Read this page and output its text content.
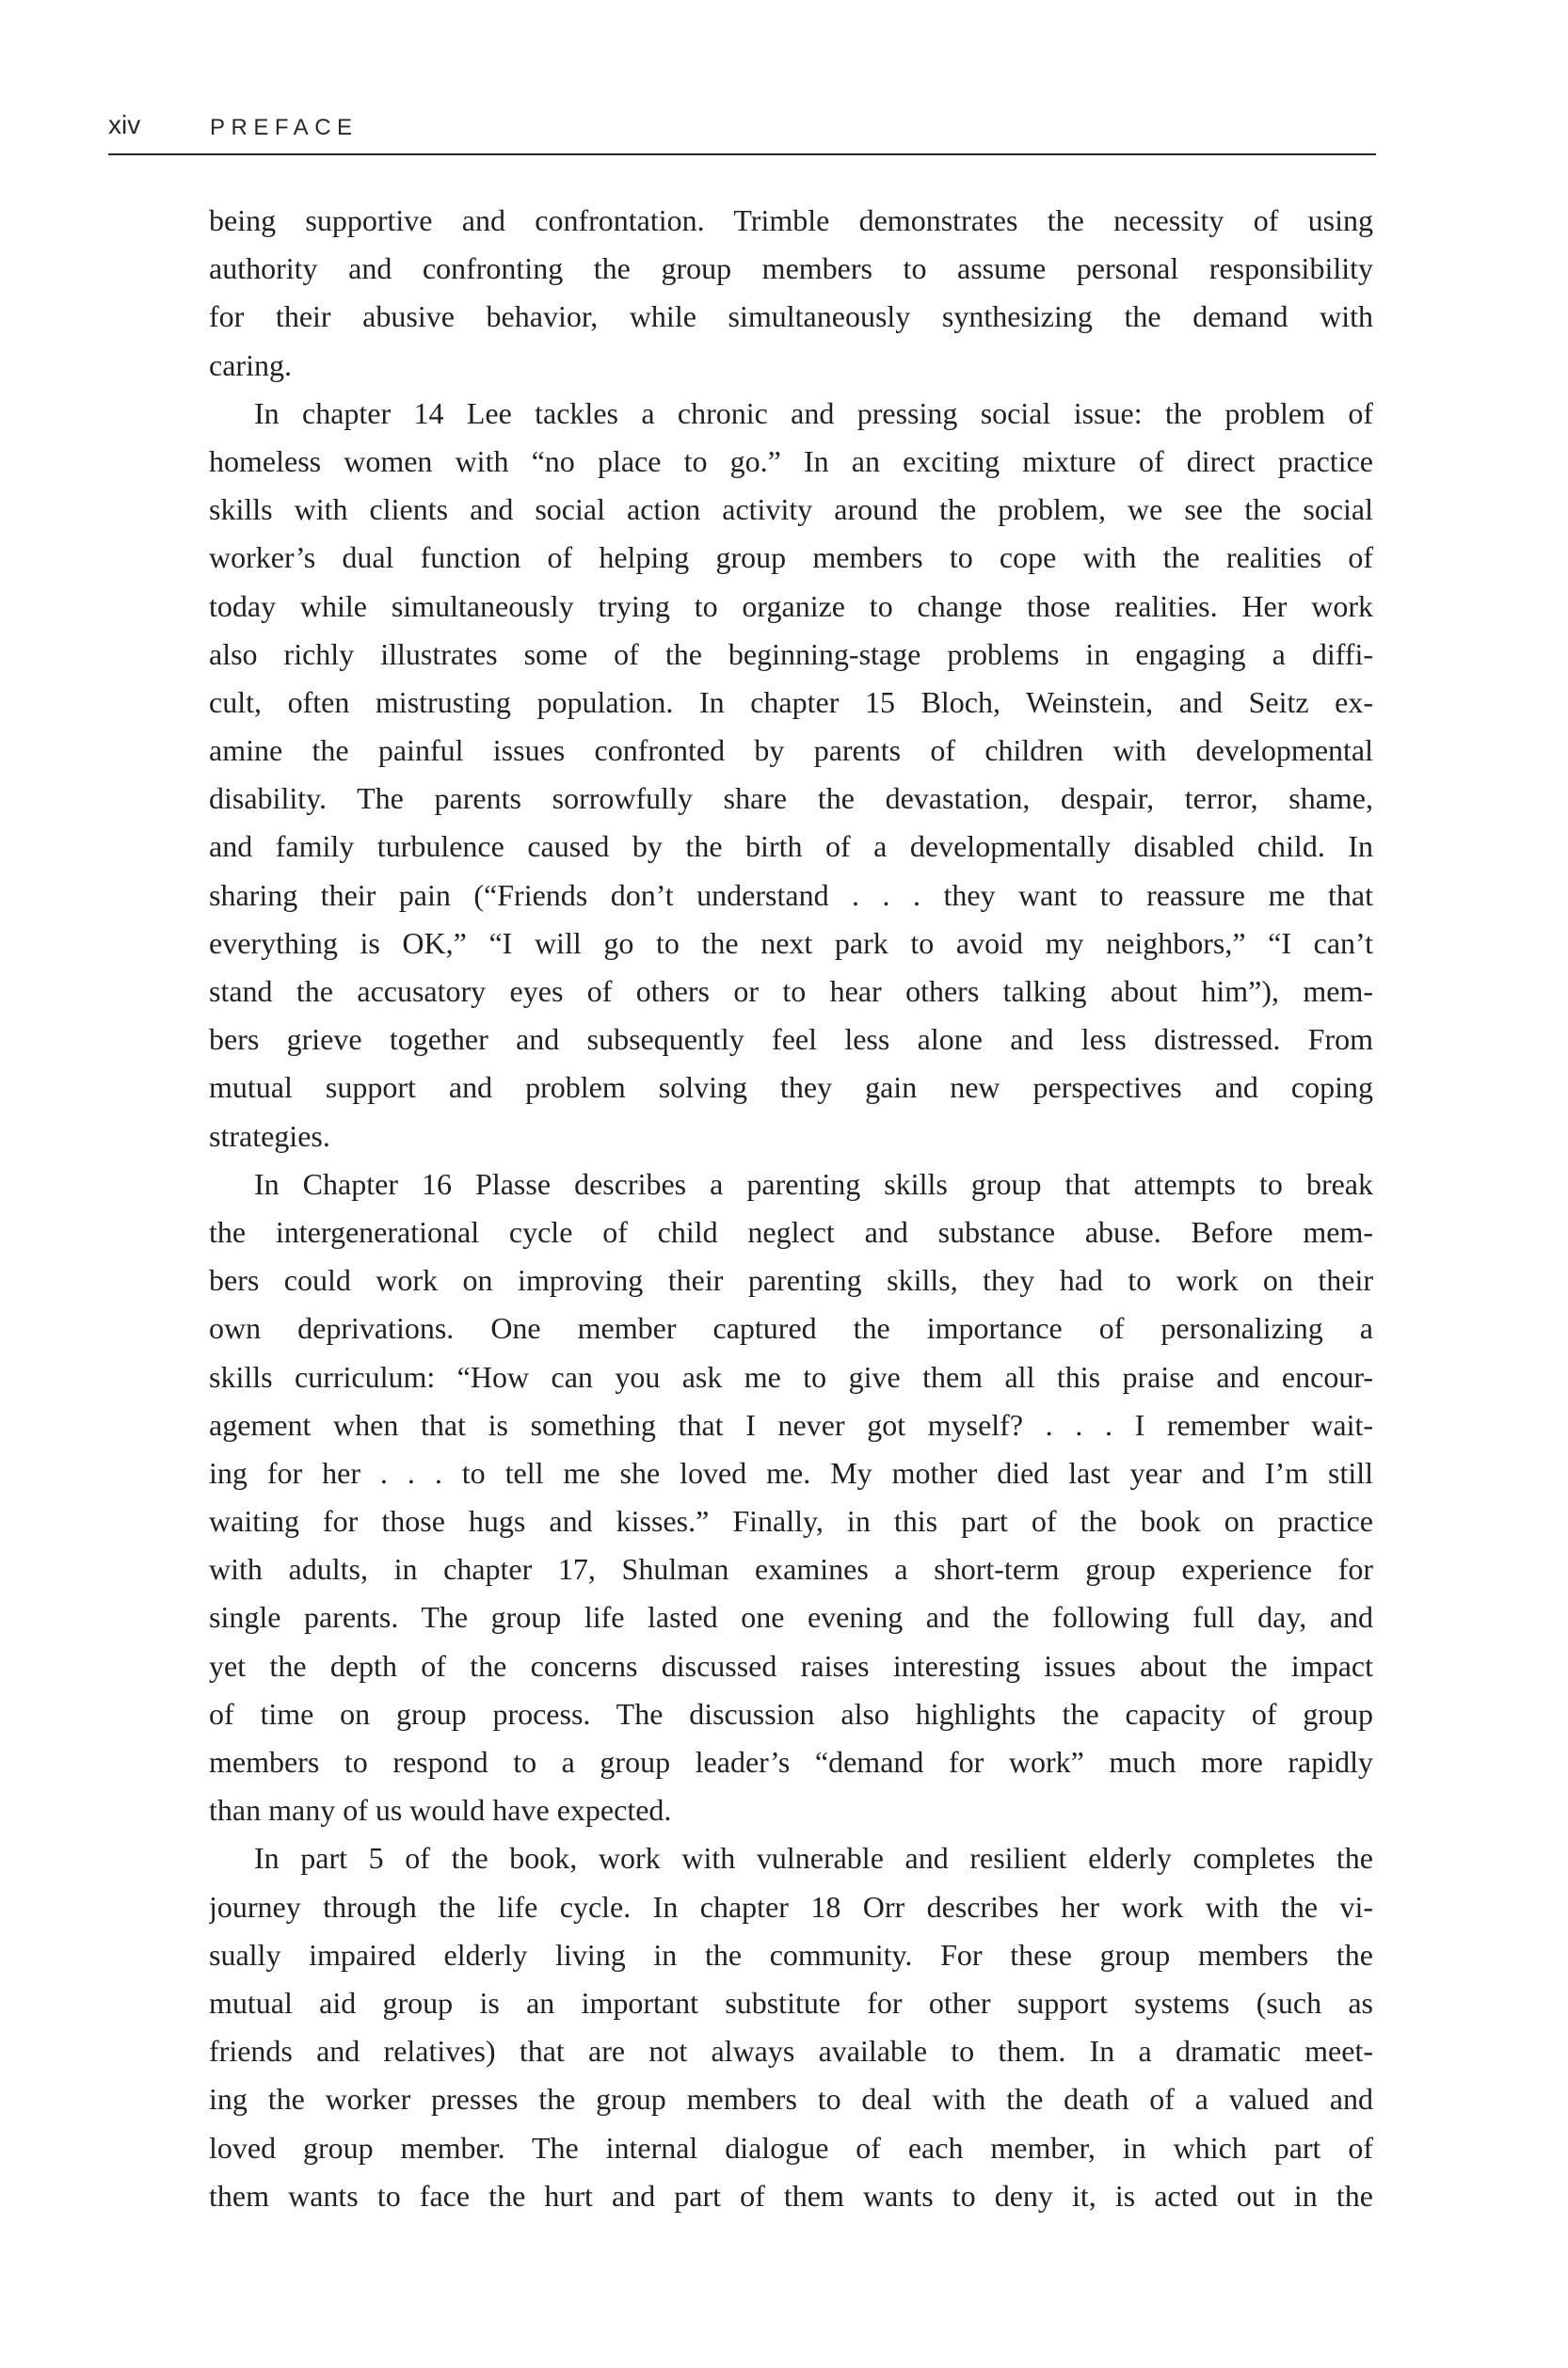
xiv	PREFACE
being supportive and confrontation. Trimble demonstrates the necessity of using
authority and confronting the group members to assume personal responsibility
for their abusive behavior, while simultaneously synthesizing the demand with
caring.
In chapter 14 Lee tackles a chronic and pressing social issue: the problem of
homeless women with “no place to go.” In an exciting mixture of direct practice
skills with clients and social action activity around the problem, we see the social
worker’s dual function of helping group members to cope with the realities of
today while simultaneously trying to organize to change those realities. Her work
also richly illustrates some of the beginning-stage problems in engaging a diffi-
cult, often mistrusting population. In chapter 15 Bloch, Weinstein, and Seitz ex-
amine the painful issues confronted by parents of children with developmental
disability. The parents sorrowfully share the devastation, despair, terror, shame,
and family turbulence caused by the birth of a developmentally disabled child. In
sharing their pain (“Friends don’t understand . . . they want to reassure me that
everything is OK,” “I will go to the next park to avoid my neighbors,” “I can’t
stand the accusatory eyes of others or to hear others talking about him”), mem-
bers grieve together and subsequently feel less alone and less distressed. From
mutual support and problem solving they gain new perspectives and coping
strategies.
In Chapter 16 Plasse describes a parenting skills group that attempts to break
the intergenerational cycle of child neglect and substance abuse. Before mem-
bers could work on improving their parenting skills, they had to work on their
own deprivations. One member captured the importance of personalizing a
skills curriculum: “How can you ask me to give them all this praise and encour-
agement when that is something that I never got myself? . . . I remember wait-
ing for her . . . to tell me she loved me. My mother died last year and I’m still
waiting for those hugs and kisses.” Finally, in this part of the book on practice
with adults, in chapter 17, Shulman examines a short-term group experience for
single parents. The group life lasted one evening and the following full day, and
yet the depth of the concerns discussed raises interesting issues about the impact
of time on group process. The discussion also highlights the capacity of group
members to respond to a group leader’s “demand for work” much more rapidly
than many of us would have expected.
In part 5 of the book, work with vulnerable and resilient elderly completes the
journey through the life cycle. In chapter 18 Orr describes her work with the vi-
sually impaired elderly living in the community. For these group members the
mutual aid group is an important substitute for other support systems (such as
friends and relatives) that are not always available to them. In a dramatic meet-
ing the worker presses the group members to deal with the death of a valued and
loved group member. The internal dialogue of each member, in which part of
them wants to face the hurt and part of them wants to deny it, is acted out in the
